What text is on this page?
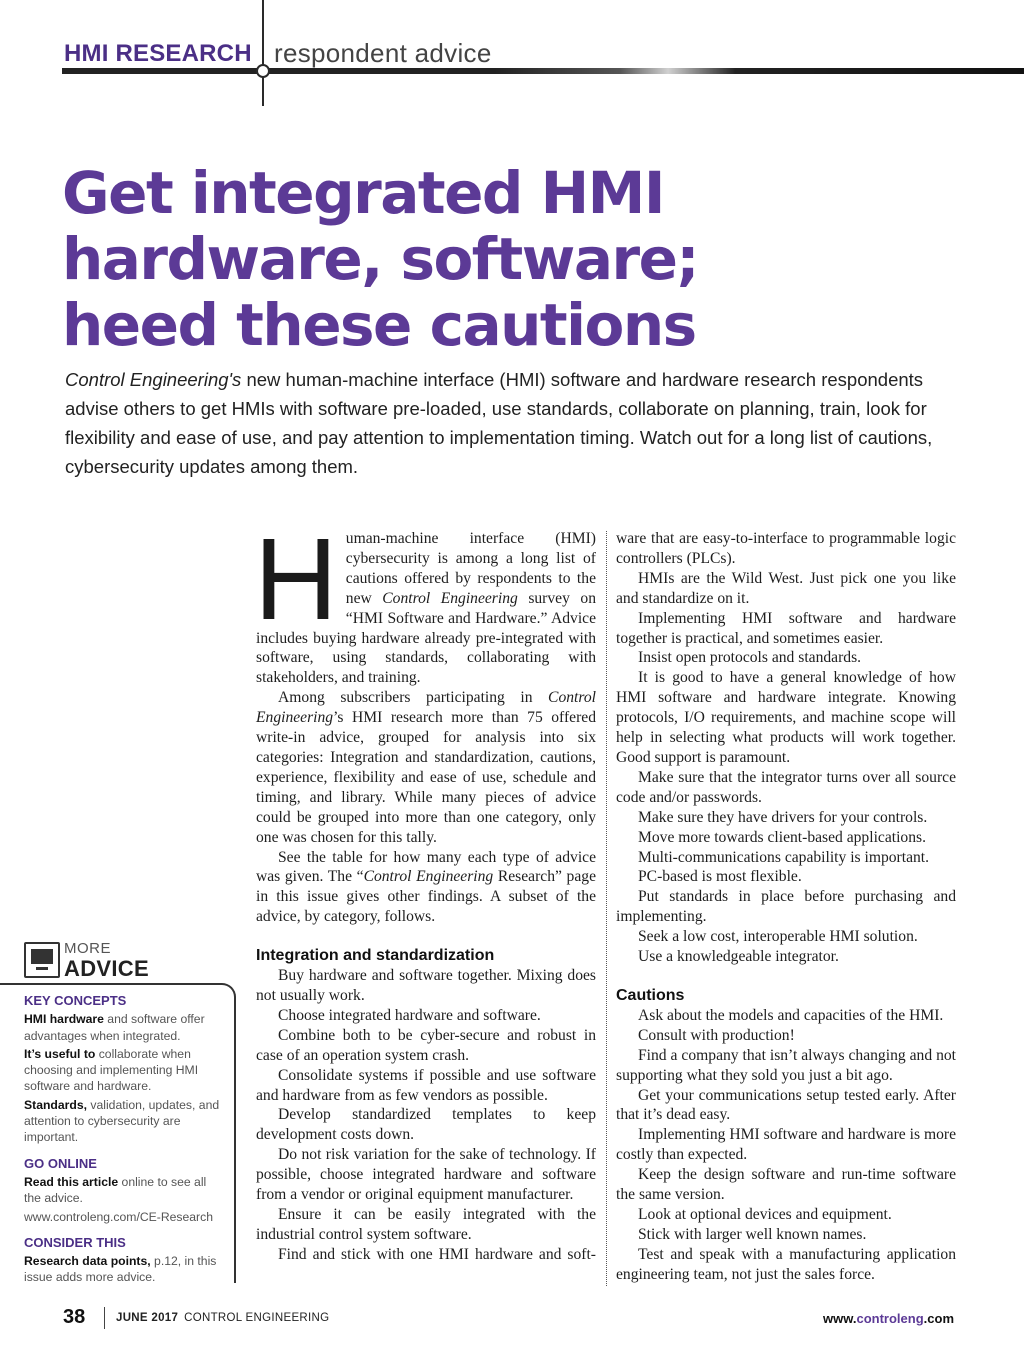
HMI RESEARCH respondent advice
Get integrated HMI
hardware, software;
heed these cautions

Control Engineering's new human-machine interface (HMI) software and hardware research respondents advise others to get HMIs with software pre-loaded, use standards, collaborate on planning, train, look for flexibility and ease of use, and pay attention to implementation timing. Watch out for a long list of cautions, cybersecurity updates among them.

Human-machine interface (HMI) cybersecurity is among a long list of cautions offered by respondents to the new Control Engineering survey on “HMI Software and Hardware.” Advice includes buying hardware already pre-integrated with software, using standards, collaborating with stakeholders, and training.

Among subscribers participating in Control Engineering’s HMI research more than 75 offered write-in advice, grouped for analysis into six categories: Integration and standardization, cautions, experience, flexibility and ease of use, schedule and timing, and library. While many pieces of advice could be grouped into more than one category, only one was chosen for this tally.

See the table for how many each type of advice was given. The “Control Engineering Research” page in this issue gives other findings. A subset of the advice, by category, follows.

Integration and standardization

Buy hardware and software together. Mixing does not usually work.

Choose integrated hardware and software.

Combine both to be cyber-secure and robust in case of an operation system crash.

Consolidate systems if possible and use software and hardware from as few vendors as possible.

Develop standardized templates to keep development costs down.

Do not risk variation for the sake of technology. If possible, choose integrated hardware and software from a vendor or original equipment manufacturer.

Ensure it can be easily integrated with the industrial control system software.

Find and stick with one HMI hardware and soft-

ware that are easy-to-interface to programmable logic controllers (PLCs).

HMIs are the Wild West. Just pick one you like and standardize on it.

Implementing HMI software and hardware together is practical, and sometimes easier.

Insist open protocols and standards.

It is good to have a general knowledge of how HMI software and hardware integrate. Knowing protocols, I/O requirements, and machine scope will help in selecting what products will work together. Good support is paramount.

Make sure that the integrator turns over all source code and/or passwords.

Make sure they have drivers for your controls.

Move more towards client-based applications.

Multi-communications capability is important.

PC-based is most flexible.

Put standards in place before purchasing and implementing.

Seek a low cost, interoperable HMI solution.

Use a knowledgeable integrator.

Cautions

Ask about the models and capacities of the HMI.

Consult with production!

Find a company that isn’t always changing and not supporting what they sold you just a bit ago.

Get your communications setup tested early. After that it’s dead easy.

Implementing HMI software and hardware is more costly than expected.

Keep the design software and run-time software the same version.

Look at optional devices and equipment.

Stick with larger well known names.

Test and speak with a manufacturing application engineering team, not just the sales force.

MORE
ADVICE
KEY CONCEPTS
HMI hardware and software offer advantages when integrated.
It’s useful to collaborate when choosing and implementing HMI software and hardware.
Standards, validation, updates, and attention to cybersecurity are important.
GO ONLINE
Read this article online to see all the advice.
www.controleng.com/CE-Research
CONSIDER THIS
Research data points, p.12, in this issue adds more advice.
38	JUNE 2017 CONTROL ENGINEERING	www.controleng.com
